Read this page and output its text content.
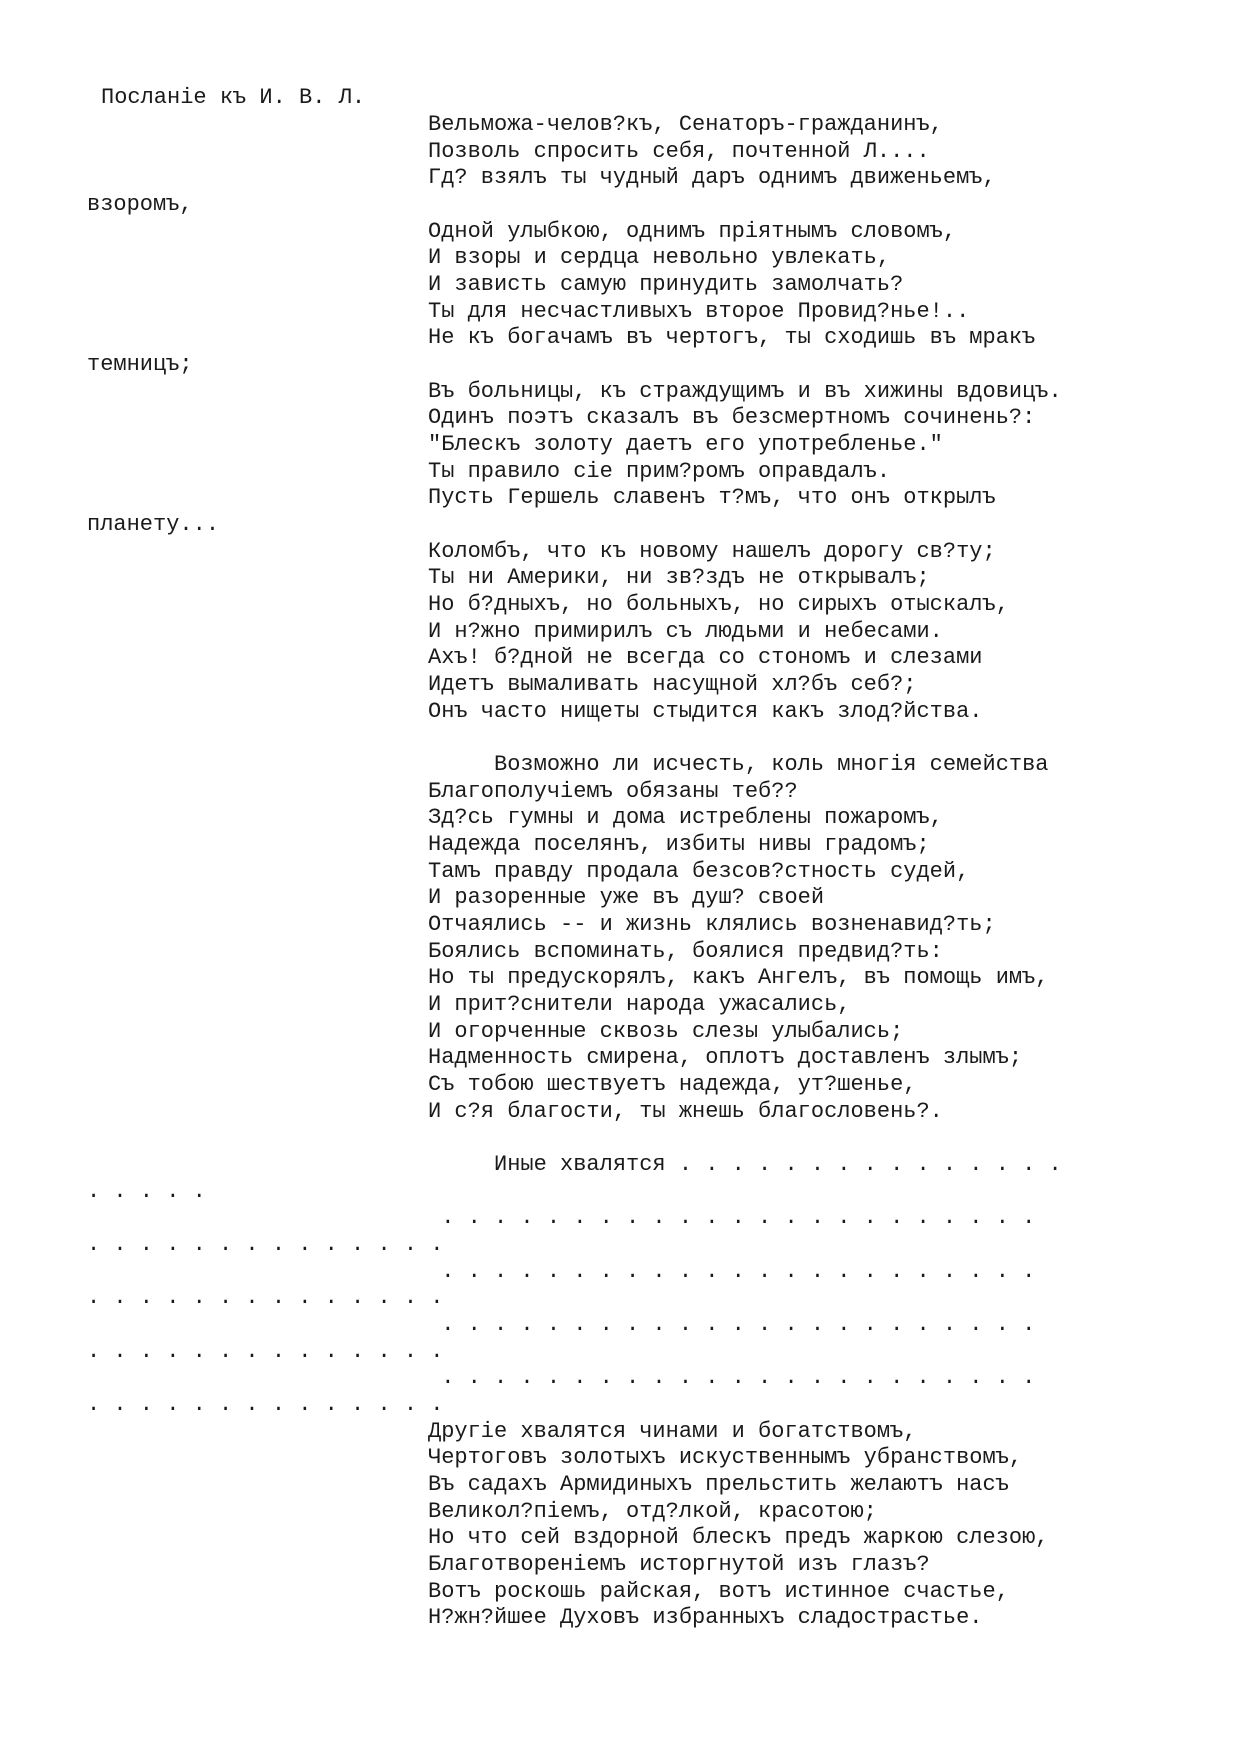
Посланіе къ И. В. Л.
Вельможа-челов?къ, Сенаторъ-гражданинъ,
Позволь спросить себя, почтенной Л....
Гд? взялъ ты чудный даръ однимъ движеньемъ,
взоромъ,
Одной улыбкою, однимъ пріятнымъ словомъ,
И взоры и сердца невольно увлекать,
И зависть самую принудить замолчать?
Ты для несчастливыхъ второе Провид?нье!..
Не къ богачамъ въ чертогъ, ты сходишь въ мракъ
темницъ;
Въ больницы, къ страждущимъ и въ хижины вдовицъ.
Одинъ поэтъ сказалъ въ безсмертномъ сочинень?:
"Блескъ золоту даетъ его употребленье."
Ты правило сіе прим?ромъ оправдалъ.
Пусть Гершель славенъ т?мъ, что онъ открылъ
планету...
Коломбъ, что къ новому нашелъ дорогу св?ту;
Ты ни Америки, ни зв?здъ не открывалъ;
Но б?дныхъ, но больныхъ, но сирыхъ отыскалъ,
И н?жно примирилъ съ людьми и небесами.
Ахъ! б?дной не всегда со стономъ и слезами
Идетъ вымаливать насущной хл?бъ себ?;
Онъ часто нищеты стыдится какъ злод?йства.
Возможно ли исчесть, коль многія семейства
Благополучіемъ обязаны теб??
Зд?сь гумны и дома истреблены пожаромъ,
Надежда поселянъ, избиты нивы градомъ;
Тамъ правду продала безсов?стность судей,
И разоренные уже въ душ? своей
Отчаялись -- и жизнь клялись возненавид?ть;
Боялись вспоминать, боялися предвид?ть:
Но ты предускорялъ, какъ Ангелъ, въ помощь имъ,
И прит?снители народа ужасались,
И огорченные сквозь слезы улыбались;
Надменность смирена, оплотъ доставленъ злымъ;
Съ тобою шествуетъ надежда, ут?шенье,
И с?я благости, ты жнешь благословень?.
Иные хвалятся . . . . . . . . . . . . . . .
. . . . .
. . . . . . . . . . . . . . . . . . . . . . .
. . . . . . . . . . . . . .
. . . . . . . . . . . . . . . . . . . . . . .
. . . . . . . . . . . . . .
. . . . . . . . . . . . . . . . . . . . . . .
. . . . . . . . . . . . . .
. . . . . . . . . . . . . . . . . . . . . . .
. . . . . . . . . . . . . .
Другіе хвалятся чинами и богатствомъ,
Чертоговъ золотыхъ искуственнымъ убранствомъ,
Въ садахъ Армидиныхъ прельстить желаютъ насъ
Великол?піемъ, отд?лкой, красотою;
Но что сей вздорной блескъ предъ жаркою слезою,
Благотвореніемъ исторгнутой изъ глазъ?
Вотъ роскошь райская, вотъ истинное счастье,
Н?жн?йшее Духовъ избранныхъ сладострастье.
